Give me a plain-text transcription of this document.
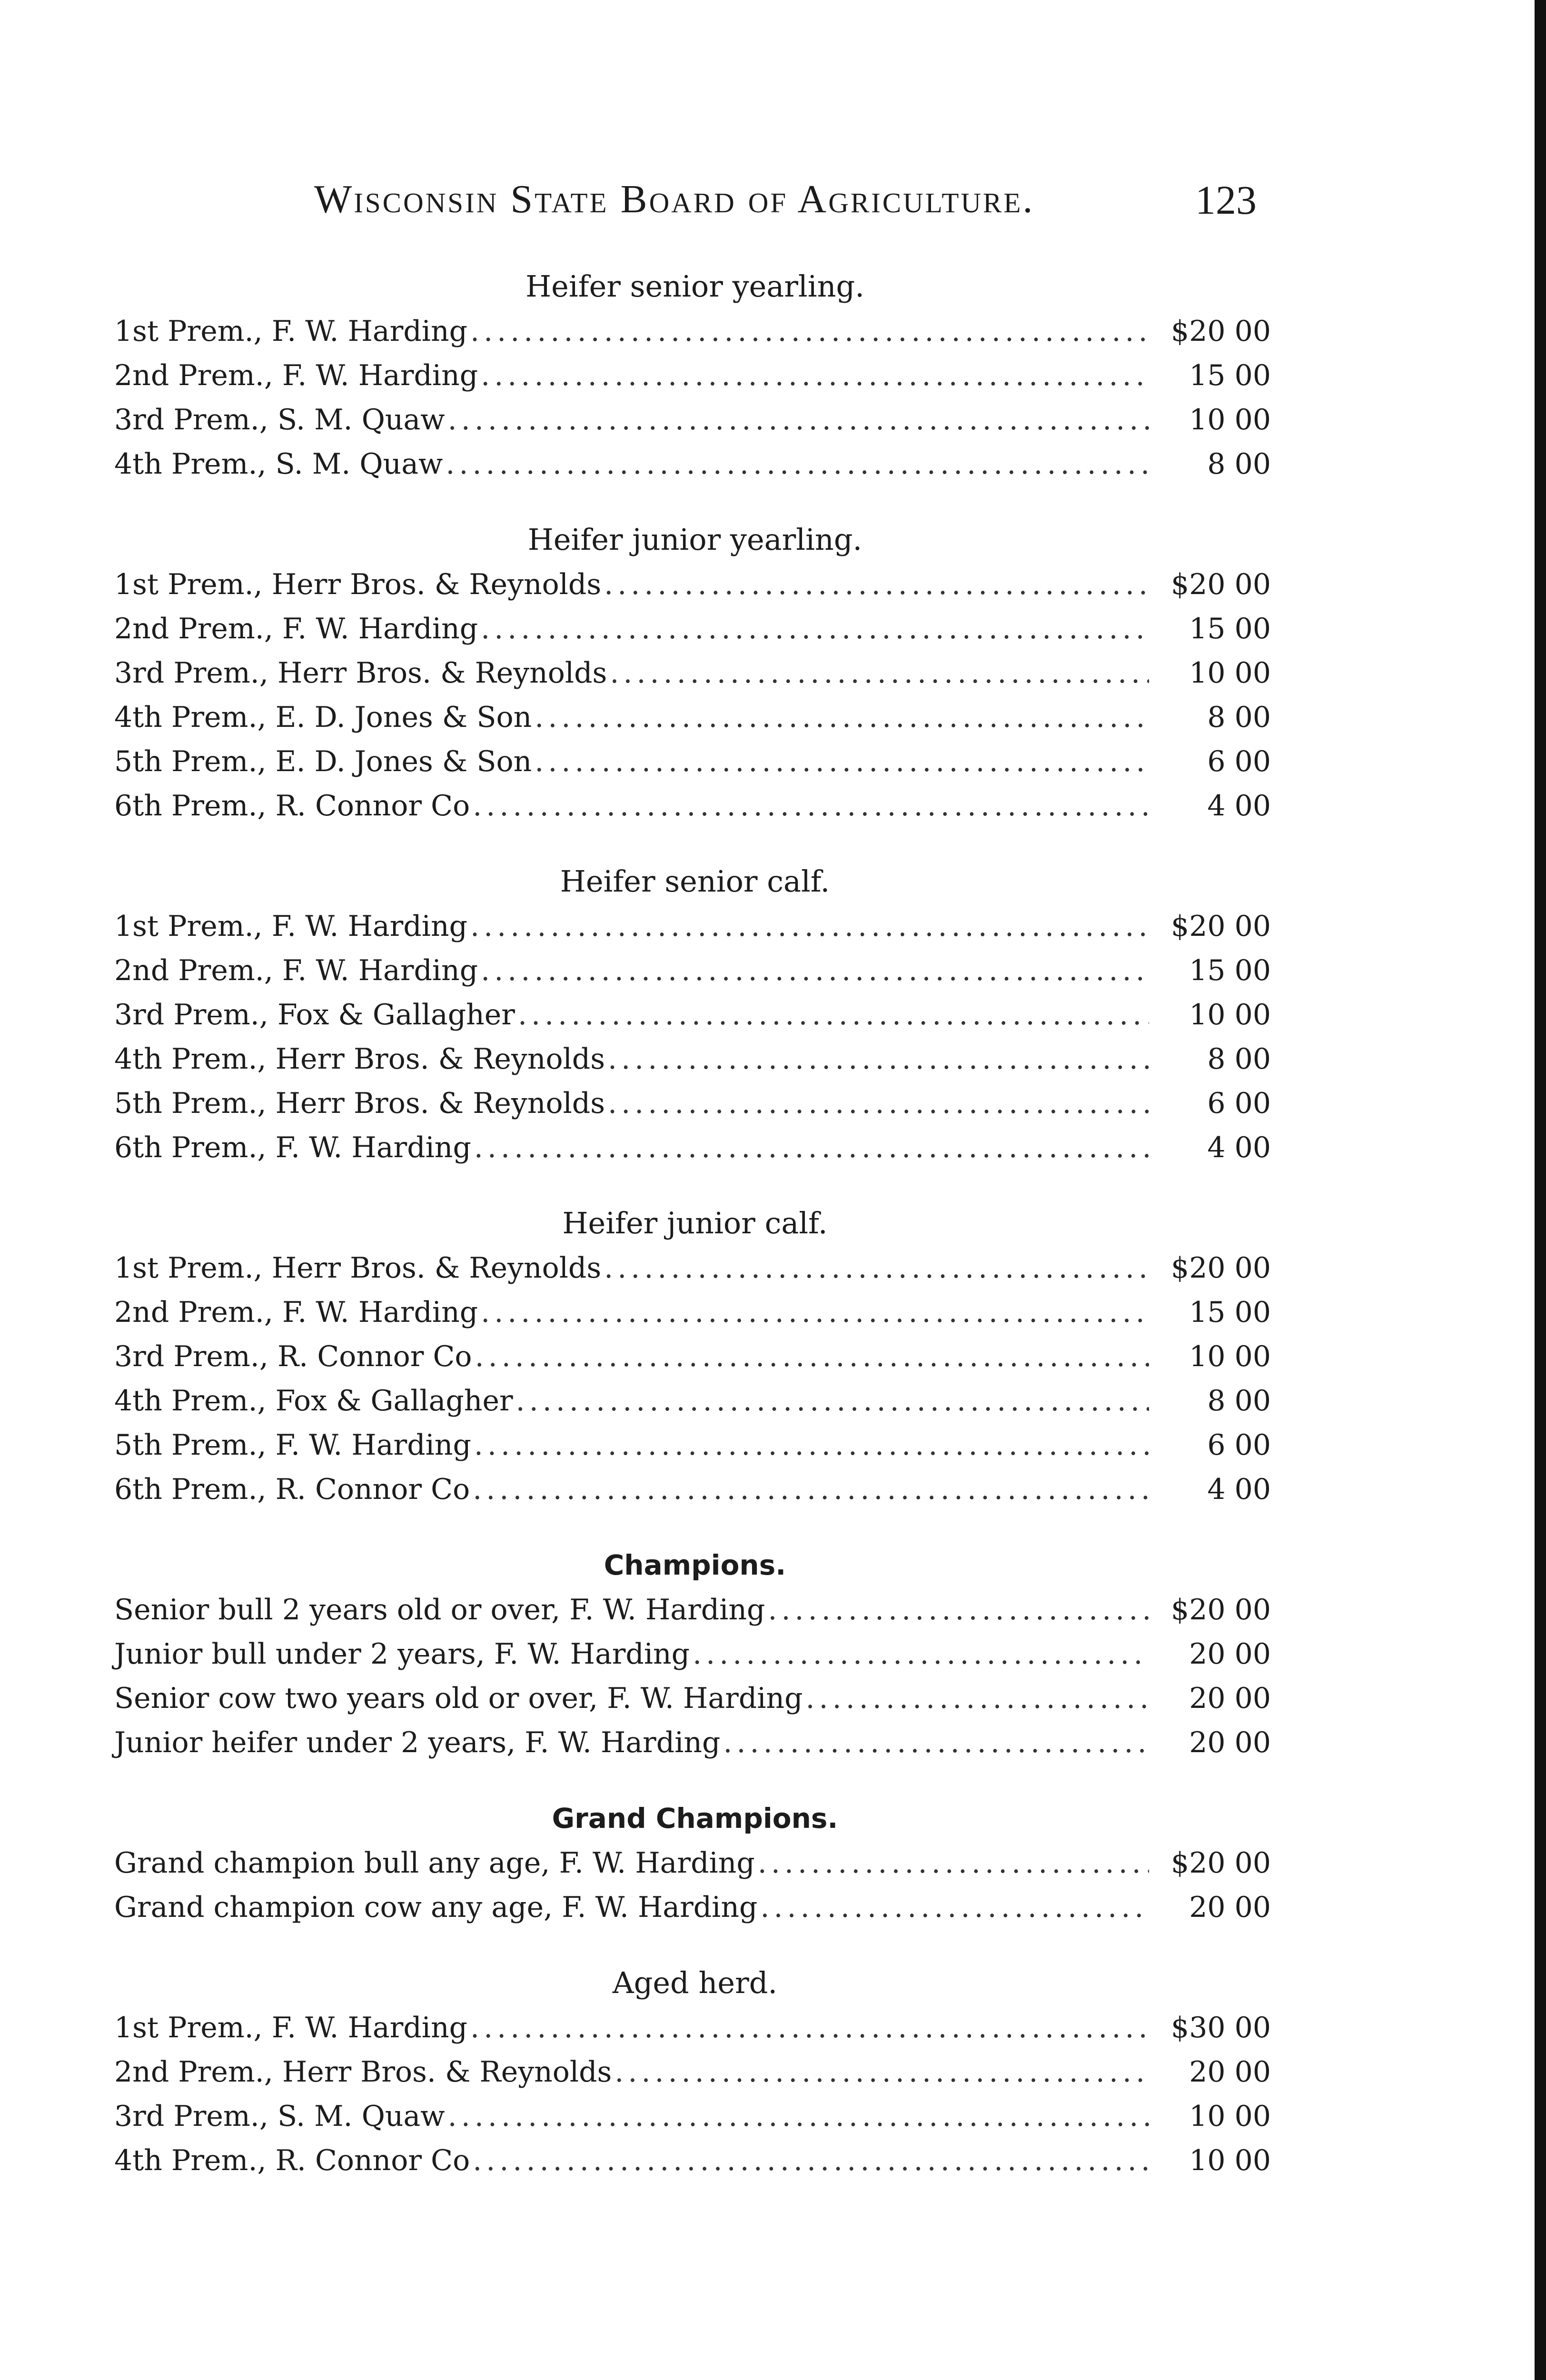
Wisconsin State Board of Agriculture.	123
Heifer senior yearling.
1st Prem., F. W. Harding .....	$20 00
2nd Prem., F. W. Harding .....	15 00
3rd Prem., S. M. Quaw .....	10 00
4th Prem., S. M. Quaw .....	8 00
Heifer junior yearling.
1st Prem., Herr Bros. & Reynolds .....	$20 00
2nd Prem., F. W. Harding .....	15 00
3rd Prem., Herr Bros. & Reynolds .....	10 00
4th Prem., E. D. Jones & Son .....	8 00
5th Prem., E. D. Jones & Son .....	6 00
6th Prem., R. Connor Co .....	4 00
Heifer senior calf.
1st Prem., F. W. Harding .....	$20 00
2nd Prem., F. W. Harding .....	15 00
3rd Prem., Fox & Gallagher .....	10 00
4th Prem., Herr Bros. & Reynolds .....	8 00
5th Prem., Herr Bros. & Reynolds .....	6 00
6th Prem., F. W. Harding .....	4 00
Heifer junior calf.
1st Prem., Herr Bros. & Reynolds .....	$20 00
2nd Prem., F. W. Harding .....	15 00
3rd Prem., R. Connor Co .....	10 00
4th Prem., Fox & Gallagher .....	8 00
5th Prem., F. W. Harding .....	6 00
6th Prem., R. Connor Co .....	4 00
Champions.
Senior bull 2 years old or over, F. W. Harding .....	$20 00
Junior bull under 2 years, F. W. Harding .....	20 00
Senior cow two years old or over, F. W. Harding .....	20 00
Junior heifer under 2 years, F. W. Harding .....	20 00
Grand Champions.
Grand champion bull any age, F. W. Harding .....	$20 00
Grand champion cow any age, F. W. Harding .....	20 00
Aged herd.
1st Prem., F. W. Harding .....	$30 00
2nd Prem., Herr Bros. & Reynolds .....	20 00
3rd Prem., S. M. Quaw .....	10 00
4th Prem., R. Connor Co .....	10 00
